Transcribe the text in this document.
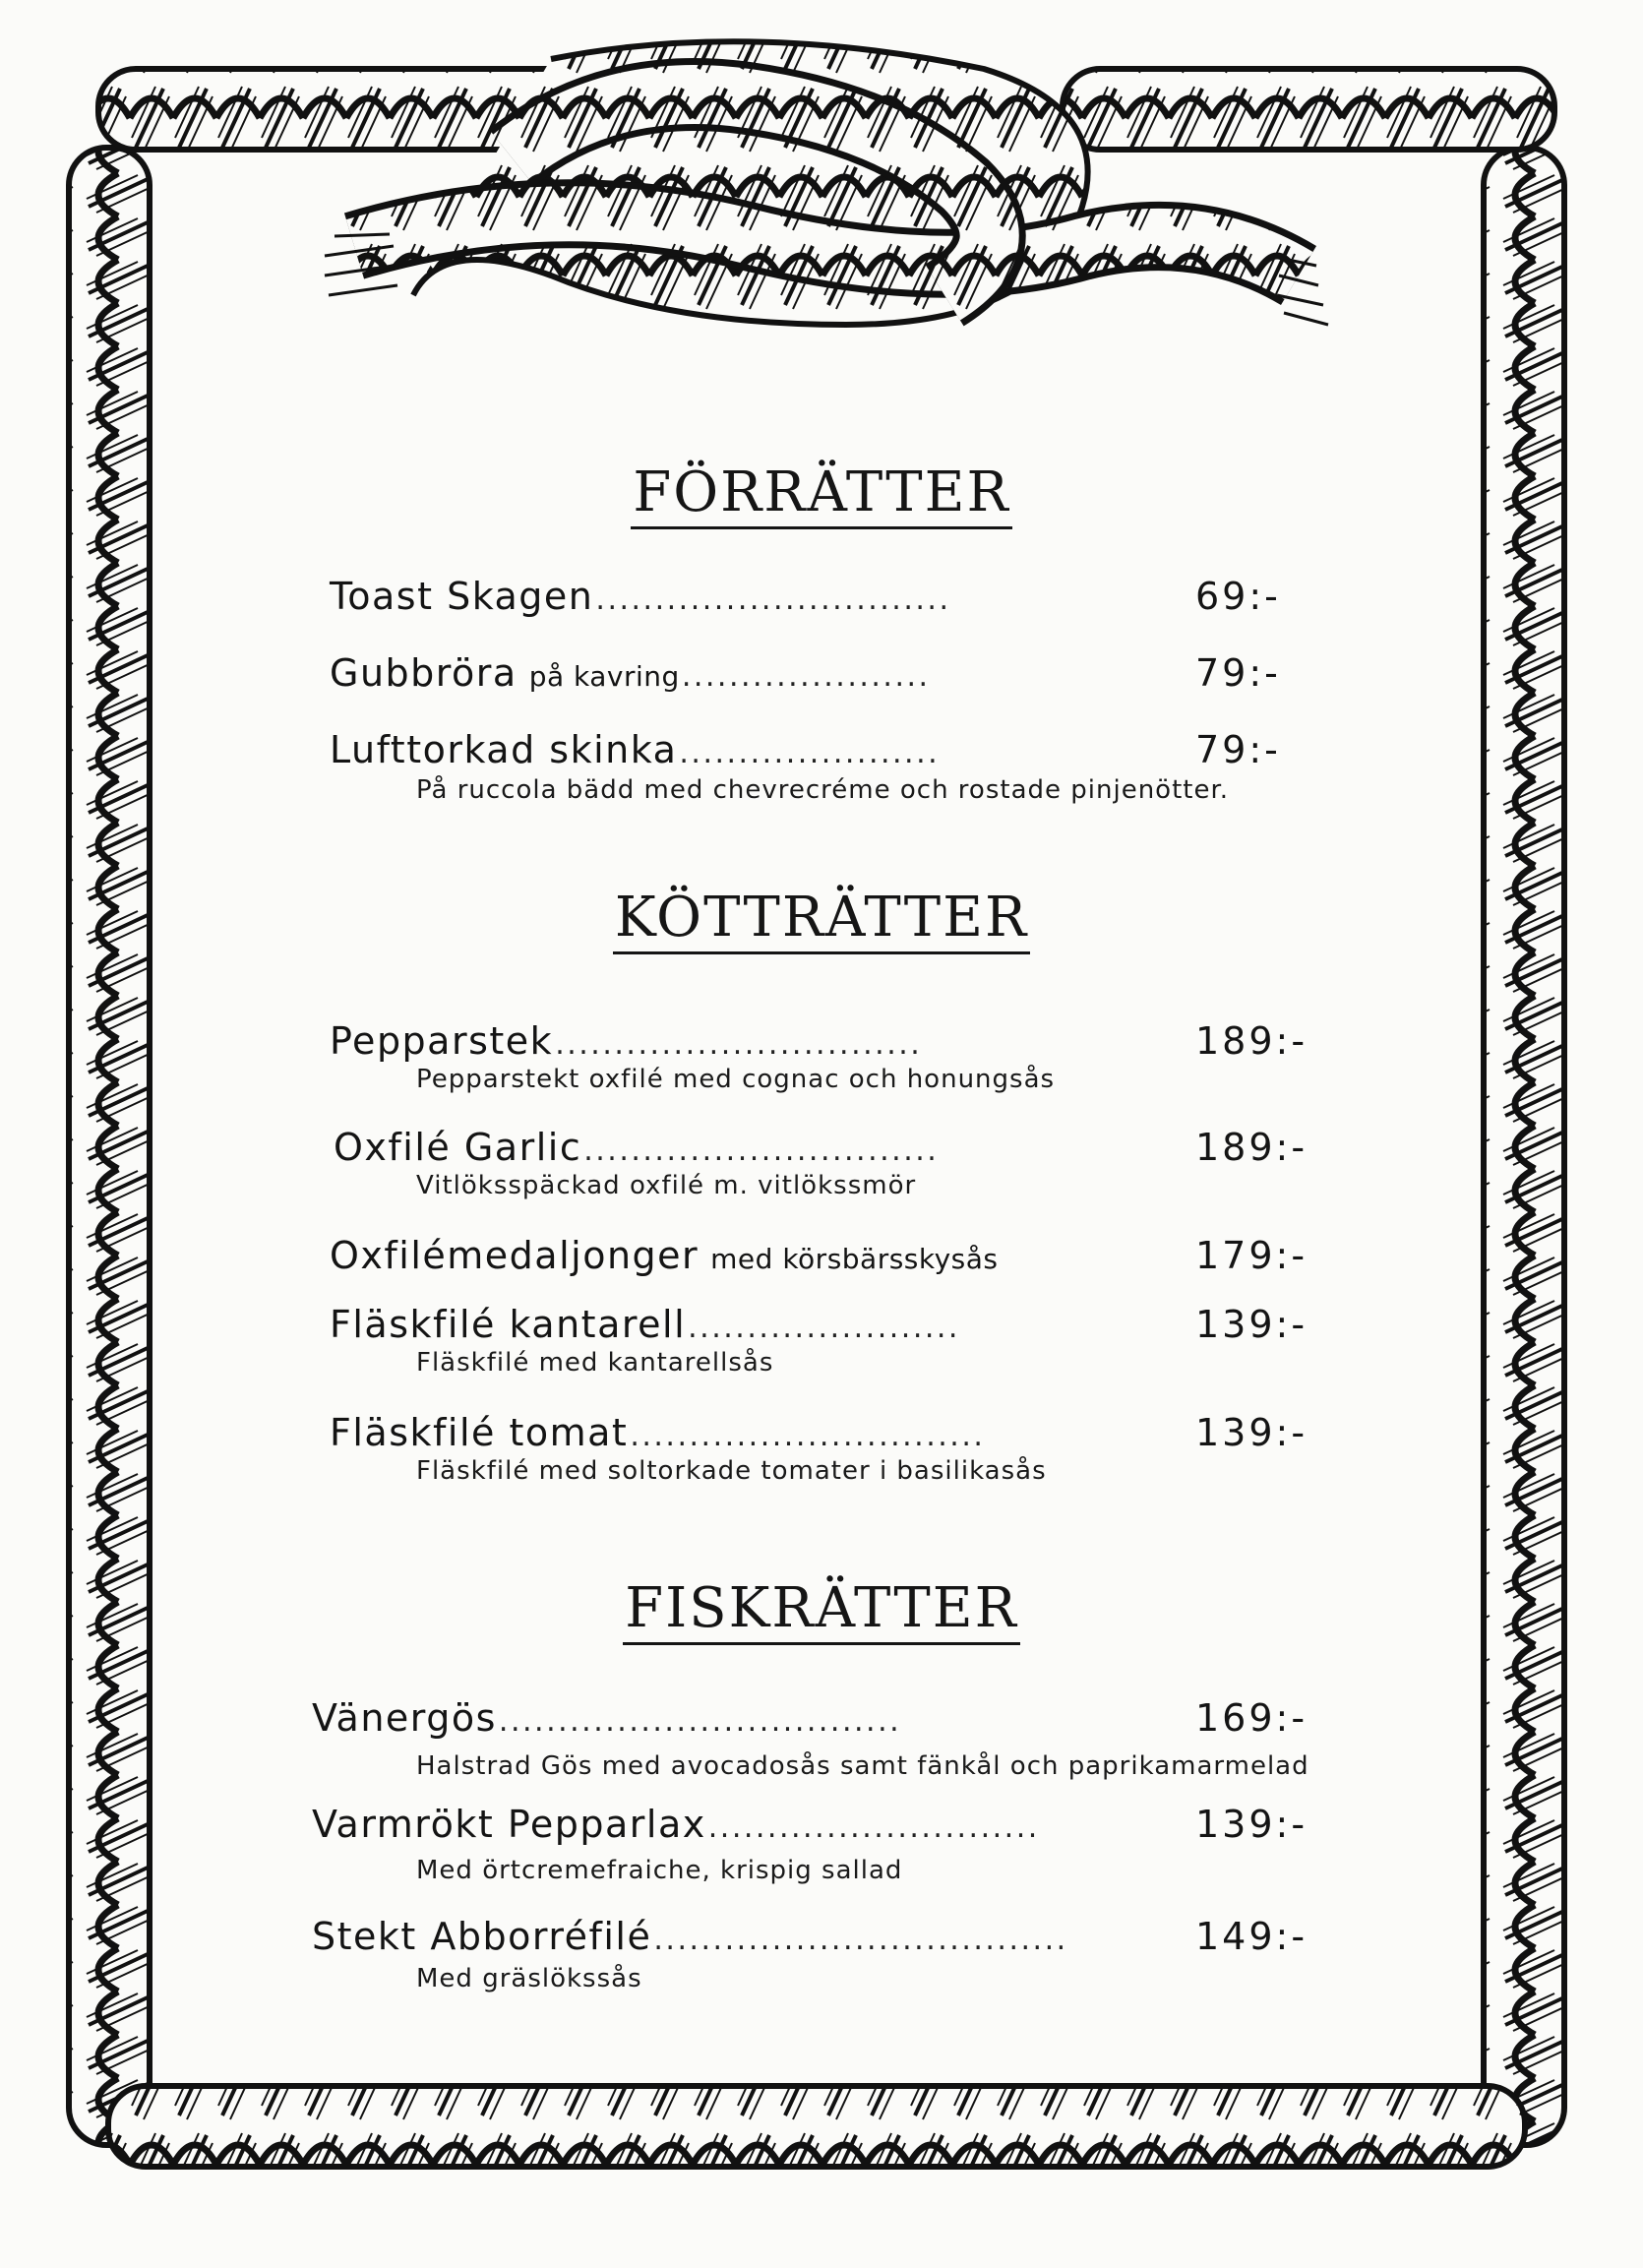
FÖRRÄTTER
Toast Skagen ..............................	69:-
Gubbröra på kavring .....................	79:-
Lufttorkad skinka ......................	79:-
På ruccola bädd med chevrecréme och rostade pinjenötter.
KÖTTRÄTTER
Pepparstek ...............................	189:-
Pepparstekt oxfilé med cognac och honungsås
Oxfilé Garlic ..............................	189:-
Vitlöksspäckad oxfilé m. vitlökssmör
Oxfilémedaljonger med körsbärsskysås	179:-
Fläskfilé kantarell .......................	139:-
Fläskfilé med kantarellsås
Fläskfilé tomat ..............................	139:-
Fläskfilé med soltorkade tomater i basilikasås
FISKRÄTTER
Vänergös ..................................	169:-
Halstrad Gös med avocadosås samt fänkål och paprikamarmelad
Varmrökt Pepparlax ............................	139:-
Med örtcremefraiche, krispig sallad
Stekt Abborréfilé ...................................	149:-
Med gräslökssås
